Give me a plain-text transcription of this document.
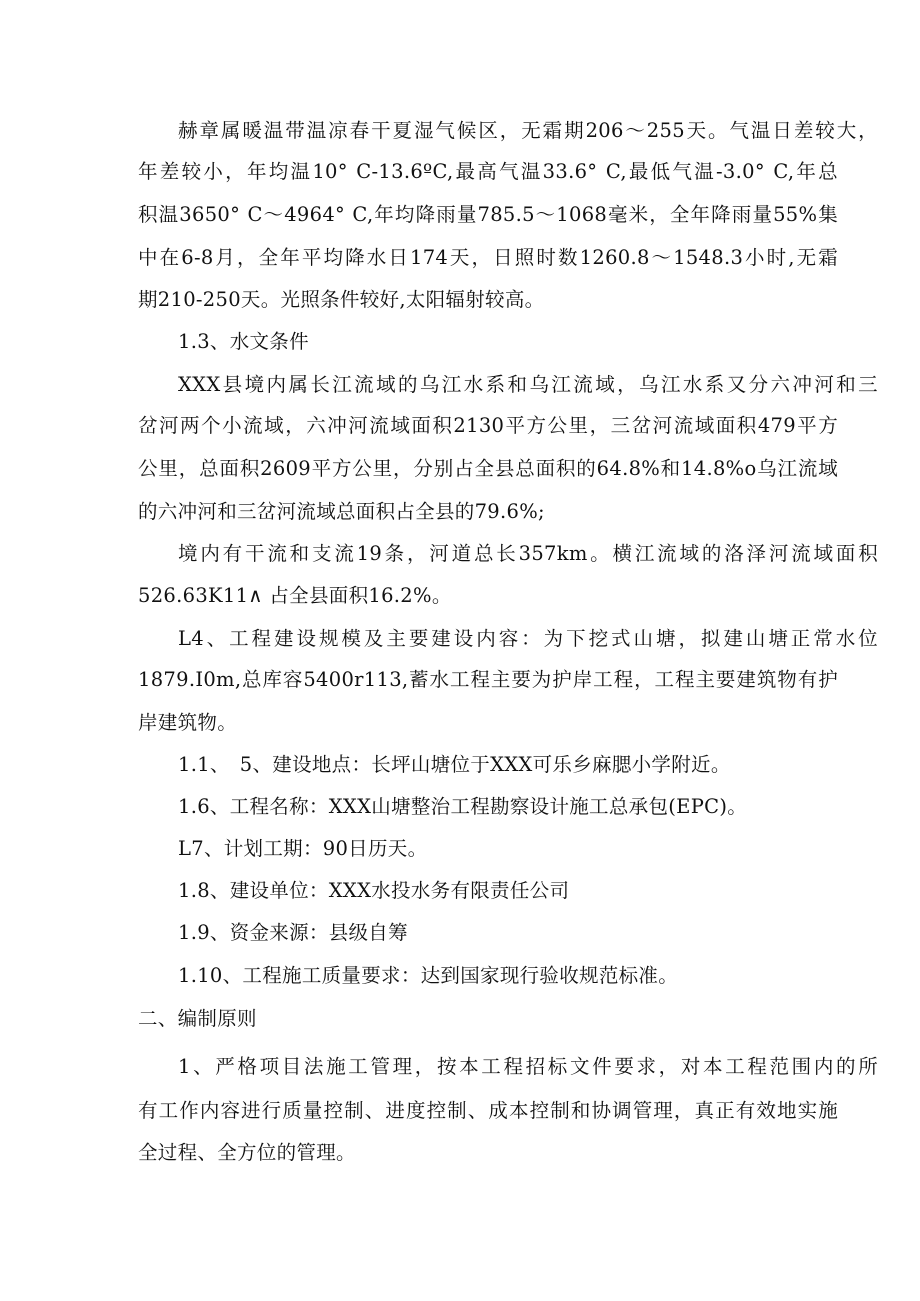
赫章属暖温带温凉春干夏湿气候区，无霜期206～255天。气温日差较大，
年差较小，年均温10° C-13.6ºC,最高气温33.6° C,最低气温-3.0° C,年总
积温3650° C～4964° C,年均降雨量785.5～1068毫米，全年降雨量55%集
中在6-8月，全年平均降水日174天，日照时数1260.8～1548.3小时,无霜
期210-250天。光照条件较好,太阳辐射较高。
1.3、水文条件
XXX县境内属长江流域的乌江水系和乌江流域，乌江水系又分六冲河和三
岔河两个小流域，六冲河流域面积2130平方公里，三岔河流域面积479平方
公里，总面积2609平方公里，分别占全县总面积的64.8%和14.8%o乌江流域
的六冲河和三岔河流域总面积占全县的79.6%;
境内有干流和支流19条，河道总长357km。横江流域的洛泽河流域面积
526.63K11∧ 占全县面积16.2%。
L4、工程建设规模及主要建设内容：为下挖式山塘，拟建山塘正常水位
1879.I0m,总库容5400r113,蓄水工程主要为护岸工程，工程主要建筑物有护
岸建筑物。
1.1、　5、建设地点：长坪山塘位于XXX可乐乡麻腮小学附近。
1.6、工程名称：XXX山塘整治工程勘察设计施工总承包(EPC)。
L7、计划工期：90日历天。
1.8、建设单位：XXX水投水务有限责任公司
1.9、资金来源：县级自筹
1.10、工程施工质量要求：达到国家现行验收规范标准。
二、编制原则
1、严格项目法施工管理，按本工程招标文件要求，对本工程范围内的所
有工作内容进行质量控制、进度控制、成本控制和协调管理，真正有效地实施
全过程、全方位的管理。
